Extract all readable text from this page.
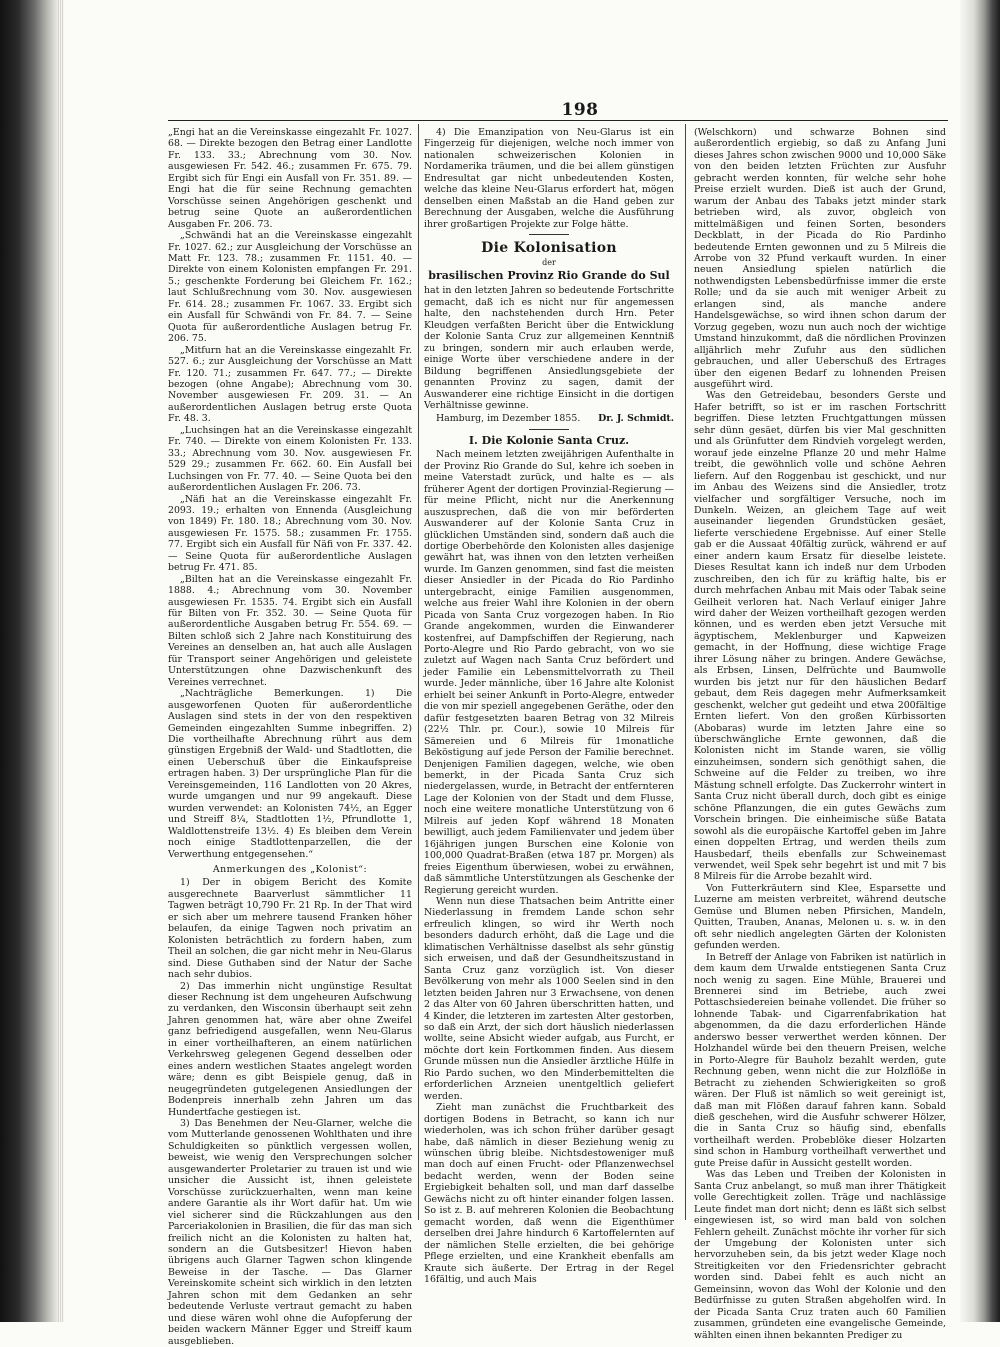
198

„Engi hat an die Vereinskasse eingezahlt Fr. 1027. 68. — Direkte bezogen den Betrag einer Landlotte Fr. 133. 33.; Abrechnung vom 30. Nov. ausgewiesen Fr. 542. 46.; zusammen Fr. 675. 79. Ergibt sich für Engi ein Ausfall von Fr. 351. 89. — Engi hat die für seine Rechnung gemachten Vorschüsse seinen Angehörigen geschenkt und betrug seine Quote an außerordentlichen Ausgaben Fr. 206. 73.

„Schwändi hat an die Vereinskasse eingezahlt Fr. 1027. 62.; zur Ausgleichung der Vorschüsse an Matt Fr. 123. 78.; zusammen Fr. 1151. 40. — Direkte von einem Kolonisten empfangen Fr. 291. 5.; geschenkte Forderung bei Gleichem Fr. 162.; laut Schlußrechnung vom 30. Nov. ausgewiesen Fr. 614. 28.; zusammen Fr. 1067. 33. Ergibt sich ein Ausfall für Schwändi von Fr. 84. 7. — Seine Quota für außerordentliche Auslagen betrug Fr. 206. 75.

„Mitfurn hat an die Vereinskasse eingezahlt Fr. 527. 6.; zur Ausgleichung der Vorschüsse an Matt Fr. 120. 71.; zusammen Fr. 647. 77.; — Direkte bezogen (ohne Angabe); Abrechnung vom 30. November ausgewiesen Fr. 209. 31. — An außerordentlichen Auslagen betrug erste Quota Fr. 48. 3.

„Luchsingen hat an die Vereinskasse eingezahlt Fr. 740. — Direkte von einem Kolonisten Fr. 133. 33.; Abrechnung vom 30. Nov. ausgewiesen Fr. 529 29.; zusammen Fr. 662. 60. Ein Ausfall bei Luchsingen von Fr. 77. 40. — Seine Quota bei den außerordentlichen Auslagen Fr. 206. 73.

„Näfi hat an die Vereinskasse eingezahlt Fr. 2093. 19.; erhalten von Ennenda (Ausgleichung von 1849) Fr. 180. 18.; Abrechnung vom 30. Nov. ausgewiesen Fr. 1575. 58.; zusammen Fr. 1755. 77. Ergibt sich ein Ausfall für Näfi von Fr. 337. 42. — Seine Quota für außerordentliche Auslagen betrug Fr. 471. 85.

„Bilten hat an die Vereinskasse eingezahlt Fr. 1888. 4.; Abrechnung vom 30. November ausgewiesen Fr. 1535. 74. Ergibt sich ein Ausfall für Bilten von Fr. 352. 30. — Seine Quota für außerordentliche Ausgaben betrug Fr. 554. 69. — Bilten schloß sich 2 Jahre nach Konstituirung des Vereines an denselben an, hat auch alle Auslagen für Transport seiner Angehörigen und geleistete Unterstützungen ohne Dazwischenkunft des Vereines verrechnet.

„Nachträgliche Bemerkungen. 1) Die ausgeworfenen Quoten für außerordentliche Auslagen sind stets in der von den respektiven Gemeinden eingezahlten Summe inbegriffen. 2) Die vortheilhafte Abrechnung rührt aus dem günstigen Ergebniß der Wald- und Stadtlotten, die einen Ueberschuß über die Einkaufspreise ertragen haben. 3) Der ursprüngliche Plan für die Vereinsgemeinden, 116 Landlotten von 20 Akres, wurde umgangen und nur 99 angekauft. Diese wurden verwendet: an Kolonisten 74½, an Egger und Streiff 8¼, Stadtlotten 1½, Pfrundlotte 1, Waldlottenstreife 13½. 4) Es bleiben dem Verein noch einige Stadtlottenparzellen, die der Verwerthung entgegensehen.“

Anmerkungen des „Kolonist“:

1) Der in obigem Bericht des Komite ausgerechnete Baarverlust sämmtlicher 11 Tagwen beträgt 10,790 Fr. 21 Rp. In der That wird er sich aber um mehrere tausend Franken höher belaufen, da einige Tagwen noch privatim an Kolonisten beträchtlich zu fordern haben, zum Theil an solchen, die gar nicht mehr in Neu-Glarus sind. Diese Guthaben sind der Natur der Sache nach sehr dubios.

2) Das immerhin nicht ungünstige Resultat dieser Rechnung ist dem ungeheuren Aufschwung zu verdanken, den Wisconsin überhaupt seit zehn Jahren genommen hat, wäre aber ohne Zweifel ganz befriedigend ausgefallen, wenn Neu-Glarus in einer vortheilhafteren, an einem natürlichen Verkehrsweg gelegenen Gegend desselben oder eines andern westlichen Staates angelegt worden wäre; denn es gibt Beispiele genug, daß in neugegründeten gutgelegenen Ansiedlungen der Bodenpreis innerhalb zehn Jahren um das Hundertfache gestiegen ist.

3) Das Benehmen der Neu-Glarner, welche die vom Mutterlande genossenen Wohlthaten und ihre Schuldigkeiten so pünktlich vergessen wollen, beweist, wie wenig den Versprechungen solcher ausgewanderter Proletarier zu trauen ist und wie unsicher die Aussicht ist, ihnen geleistete Vorschüsse zurückzuerhalten, wenn man keine andere Garantie als ihr Wort dafür hat. Um wie viel sicherer sind die Rückzahlungen aus den Parceriakolonien in Brasilien, die für das man sich freilich nicht an die Kolonisten zu halten hat, sondern an die Gutsbesitzer! Hievon haben übrigens auch Glarner Tagwen schon klingende Beweise in der Tasche. — Das Glarner Vereinskomite scheint sich wirklich in den letzten Jahren schon mit dem Gedanken an sehr bedeutende Verluste vertraut gemacht zu haben und diese wären wohl ohne die Aufopferung der beiden wackern Männer Egger und Streiff kaum ausgeblieben.

4) Die Emanzipation von Neu-Glarus ist ein Fingerzeig für diejenigen, welche noch immer von nationalen schweizerischen Kolonien in Nordamerika träumen, und die bei allem günstigen Endresultat gar nicht unbedeutenden Kosten, welche das kleine Neu-Glarus erfordert hat, mögen denselben einen Maßstab an die Hand geben zur Berechnung der Ausgaben, welche die Ausführung ihrer großartigen Projekte zur Folge hätte.

Die Kolonisation
der
brasilischen Provinz Rio Grande do Sul

hat in den letzten Jahren so bedeutende Fortschritte gemacht, daß ich es nicht nur für angemessen halte, den nachstehenden durch Hrn. Peter Kleudgen verfaßten Bericht über die Entwicklung der Kolonie Santa Cruz zur allgemeinen Kenntniß zu bringen, sondern mir auch erlauben werde, einige Worte über verschiedene andere in der Bildung begriffenen Ansiedlungsgebiete der genannten Provinz zu sagen, damit der Auswanderer eine richtige Einsicht in die dortigen Verhältnisse gewinne.

Hamburg, im Dezember 1855. Dr. J. Schmidt.
I. Die Kolonie Santa Cruz.

Nach meinem letzten zweijährigen Aufenthalte in der Provinz Rio Grande do Sul, kehre ich soeben in meine Vaterstadt zurück, und halte es — als früherer Agent der dortigen Provinzial-Regierung — für meine Pflicht, nicht nur die Anerkennung auszusprechen, daß die von mir beförderten Auswanderer auf der Kolonie Santa Cruz in glücklichen Umständen sind, sondern daß auch die dortige Oberbehörde den Kolonisten alles dasjenige gewährt hat, was ihnen von den letzten verheißen wurde. Im Ganzen genommen, sind fast die meisten dieser Ansiedler in der Picada do Rio Pardinho untergebracht, einige Familien ausgenommen, welche aus freier Wahl ihre Kolonien in der obern Picada von Santa Cruz vorgezogen haben. In Rio Grande angekommen, wurden die Einwanderer kostenfrei, auf Dampfschiffen der Regierung, nach Porto-Alegre und Rio Pardo gebracht, von wo sie zuletzt auf Wagen nach Santa Cruz befördert und jeder Familie ein Lebensmittelvorrath zu Theil wurde. Jeder männliche, über 16 Jahre alte Kolonist erhielt bei seiner Ankunft in Porto-Alegre, entweder die von mir speziell angegebenen Geräthe, oder den dafür festgesetzten baaren Betrag von 32 Milreis (22½ Thlr. pr. Cour.), sowie 10 Milreis für Sämereien und 6 Milreis für 1monatliche Beköstigung auf jede Person der Familie berechnet. Denjenigen Familien dagegen, welche, wie oben bemerkt, in der Picada Santa Cruz sich niedergelassen, wurde, in Betracht der entfernteren Lage der Kolonien von der Stadt und dem Flusse, noch eine weitere monatliche Unterstützung von 6 Milreis auf jeden Kopf während 18 Monaten bewilligt, auch jedem Familienvater und jedem über 16jährigen jungen Burschen eine Kolonie von 100,000 Quadrat-Braßen (etwa 187 pr. Morgen) als freies Eigenthum überwiesen, wobei zu erwähnen, daß sämmtliche Unterstützungen als Geschenke der Regierung gereicht wurden.

Wenn nun diese Thatsachen beim Antritte einer Niederlassung in fremdem Lande schon sehr erfreulich klingen, so wird ihr Werth noch besonders dadurch erhöht, daß die Lage und die klimatischen Verhältnisse daselbst als sehr günstig sich erweisen, und daß der Gesundheitszustand in Santa Cruz ganz vorzüglich ist. Von dieser Bevölkerung von mehr als 1000 Seelen sind in den letzten beiden Jahren nur 3 Erwachsene, von denen 2 das Alter von 60 Jahren überschritten hatten, und 4 Kinder, die letzteren im zartesten Alter gestorben, so daß ein Arzt, der sich dort häuslich niederlassen wollte, seine Absicht wieder aufgab, aus Furcht, er möchte dort kein Fortkommen finden. Aus diesem Grunde müssen nun die Ansiedler ärztliche Hülfe in Rio Pardo suchen, wo den Minderbemittelten die erforderlichen Arzneien unentgeltlich geliefert werden.

Zieht man zunächst die Fruchtbarkeit des dortigen Bodens in Betracht, so kann ich nur wiederholen, was ich schon früher darüber gesagt habe, daß nämlich in dieser Beziehung wenig zu wünschen übrig bleibe. Nichtsdestoweniger muß man doch auf einen Frucht- oder Pflanzenwechsel bedacht werden, wenn der Boden seine Ergiebigkeit behalten soll, und man darf dasselbe Gewächs nicht zu oft hinter einander folgen lassen. So ist z. B. auf mehreren Kolonien die Beobachtung gemacht worden, daß wenn die Eigenthümer derselben drei Jahre hindurch 6 Kartoffelernten auf der nämlichen Stelle erzielten, die bei gehörige Pflege erzielten, und eine Krankheit ebenfalls am Kraute sich äußerte. Der Ertrag in der Regel 16fältig, und auch Mais

(Welschkorn) und schwarze Bohnen sind außerordentlich ergiebig, so daß zu Anfang Juni dieses Jahres schon zwischen 9000 und 10,000 Säke von den beiden letzten Früchten zur Ausfuhr gebracht werden konnten, für welche sehr hohe Preise erzielt wurden. Dieß ist auch der Grund, warum der Anbau des Tabaks jetzt minder stark betrieben wird, als zuvor, obgleich von mittelmäßigen und feinen Sorten, besonders Deckblatt, in der Picada do Rio Pardinho bedeutende Ernten gewonnen und zu 5 Milreis die Arrobe von 32 Pfund verkauft wurden. In einer neuen Ansiedlung spielen natürlich die nothwendigsten Lebensbedürfnisse immer die erste Rolle; und da sie auch mit weniger Arbeit zu erlangen sind, als manche andere Handelsgewächse, so wird ihnen schon darum der Vorzug gegeben, wozu nun auch noch der wichtige Umstand hinzukommt, daß die nördlichen Provinzen alljährlich mehr Zufuhr aus den südlichen gebrauchen, und aller Ueberschuß des Ertrages über den eigenen Bedarf zu lohnenden Preisen ausgeführt wird.

Was den Getreidebau, besonders Gerste und Hafer betrifft, so ist er im raschen Fortschritt begriffen. Diese letzten Fruchtgattungen müssen sehr dünn gesäet, dürfen bis vier Mal geschnitten und als Grünfutter dem Rindvieh vorgelegt werden, worauf jede einzelne Pflanze 20 und mehr Halme treibt, die gewöhnlich volle und schöne Aehren liefern. Auf den Roggenbau ist geschickt, und nur im Anbau des Weizens sind die Ansiedler, trotz vielfacher und sorgfältiger Versuche, noch im Dunkeln. Weizen, an gleichem Tage auf weit auseinander liegenden Grundstücken gesäet, lieferte verschiedene Ergebnisse. Auf einer Stelle gab er die Aussaat 40fältig zurück, während er auf einer andern kaum Ersatz für dieselbe leistete. Dieses Resultat kann ich indeß nur dem Urboden zuschreiben, den ich für zu kräftig halte, bis er durch mehrfachen Anbau mit Mais oder Tabak seine Geilheit verloren hat. Nach Verlauf einiger Jahre wird daher der Weizen vortheilhaft gezogen werden können, und es werden eben jetzt Versuche mit ägyptischem, Meklenburger und Kapweizen gemacht, in der Hoffnung, diese wichtige Frage ihrer Lösung näher zu bringen. Andere Gewächse, als Erbsen, Linsen, Delfrüchte und Baumwolle wurden bis jetzt nur für den häuslichen Bedarf gebaut, dem Reis dagegen mehr Aufmerksamkeit geschenkt, welcher gut gedeiht und etwa 200fältige Ernten liefert. Von den großen Kürbissorten (Abobaras) wurde im letzten Jahre eine so überschwängliche Ernte gewonnen, daß die Kolonisten nicht im Stande waren, sie völlig einzuheimsen, sondern sich genöthigt sahen, die Schweine auf die Felder zu treiben, wo ihre Mästung schnell erfolgte. Das Zuckerrohr wintert in Santa Cruz nicht überall durch, doch gibt es einige schöne Pflanzungen, die ein gutes Gewächs zum Vorschein bringen. Die einheimische süße Batata sowohl als die europäische Kartoffel geben im Jahre einen doppelten Ertrag, und werden theils zum Hausbedarf, theils ebenfalls zur Schweinemast verwendet, weil Spek sehr begehrt ist und mit 7 bis 8 Milreis für die Arrobe bezahlt wird.

Von Futterkräutern sind Klee, Esparsette und Luzerne am meisten verbreitet, während deutsche Gemüse und Blumen neben Pfirsichen, Mandeln, Quitten, Trauben, Ananas, Melonen u. s. w. in den oft sehr niedlich angelegten Gärten der Kolonisten gefunden werden.

In Betreff der Anlage von Fabriken ist natürlich in dem kaum dem Urwalde entstiegenen Santa Cruz noch wenig zu sagen. Eine Mühle, Brauerei und Brennerei sind im Betriebe, auch zwei Pottaschsiedereien beinahe vollendet. Die früher so lohnende Tabak- und Cigarrenfabrikation hat abgenommen, da die dazu erforderlichen Hände anderswo besser verwerthet werden können. Der Holzhandel würde bei den theuern Preisen, welche in Porto-Alegre für Bauholz bezahlt werden, gute Rechnung geben, wenn nicht die zur Holzflöße in Betracht zu ziehenden Schwierigkeiten so groß wären. Der Fluß ist nämlich so weit gereinigt ist, daß man mit Flößen darauf fahren kann. Sobald dieß geschehen, wird die Ausfuhr schwerer Hölzer, die in Santa Cruz so häufig sind, ebenfalls vortheilhaft werden. Probeblöke dieser Holzarten sind schon in Hamburg vortheilhaft verwerthet und gute Preise dafür in Aussicht gestellt worden.

Was das Leben und Treiben der Kolonisten in Santa Cruz anbelangt, so muß man ihrer Thätigkeit volle Gerechtigkeit zollen. Träge und nachlässige Leute findet man dort nicht; denn es läßt sich selbst eingewiesen ist, so wird man bald von solchen Fehlern geheilt. Zunächst möchte ihr vorher für sich der Umgebung der Kolonisten unter sich hervorzuheben sein, da bis jetzt weder Klage noch Streitigkeiten vor den Friedensrichter gebracht worden sind. Dabei fehlt es auch nicht an Gemeinsinn, wovon das Wohl der Kolonie und den Bedürfnisse zu guten Straßen abgeholfen wird. In der Picada Santa Cruz traten auch 60 Familien zusammen, gründeten eine evangelische Gemeinde, wählten einen ihnen bekannten Prediger zu
